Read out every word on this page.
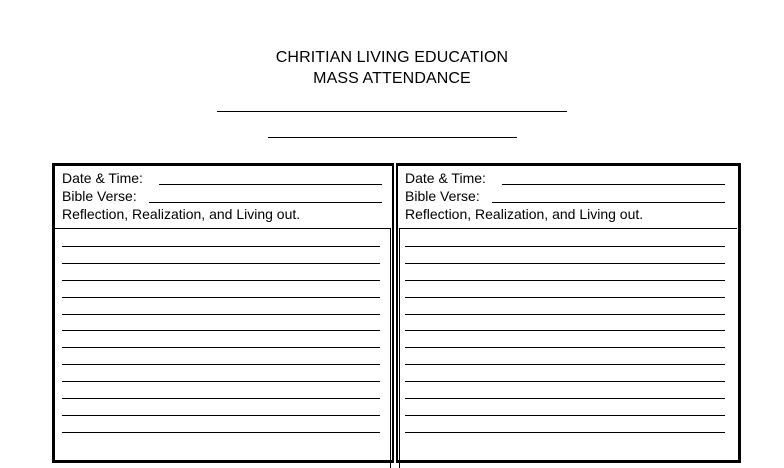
CHRITIAN LIVING EDUCATION
MASS ATTENDANCE
Date & Time:
Bible Verse:
Reflection, Realization, and Living out.
Date & Time:
Bible Verse:
Reflection, Realization, and Living out.
